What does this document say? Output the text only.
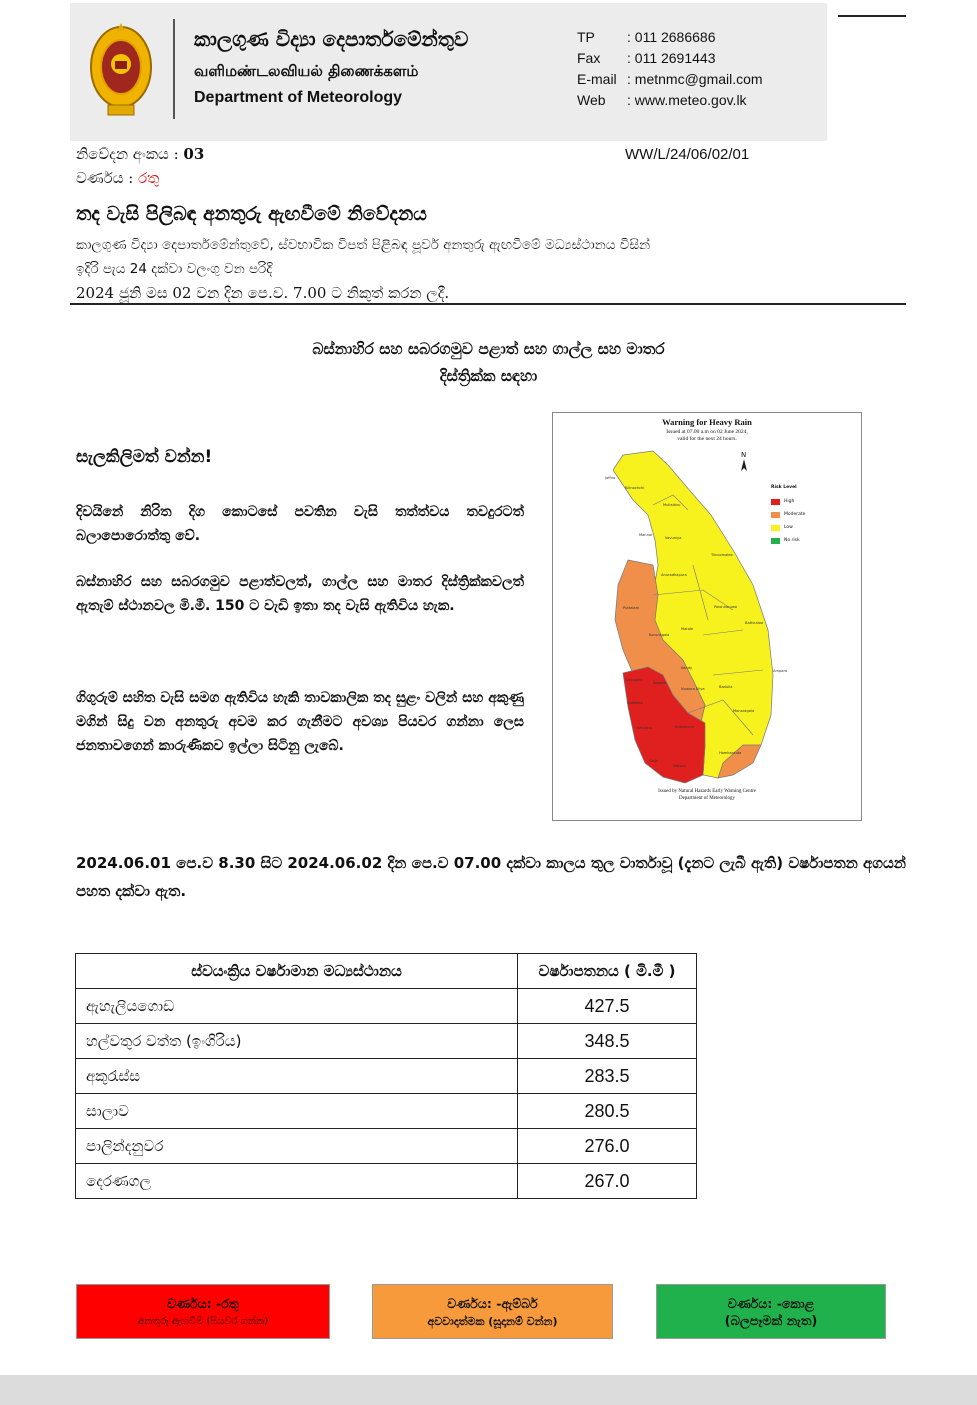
කාලගුණ විද්‍යා දෙපාර්තමේන්තුව
வளிமண்டலவியல் திணைக்களம்
Department of Meteorology
TP	: 011 2686686
Fax	: 011 2691443
E-mail : metnmc@gmail.com
Web	: www.meteo.gov.lk
නිවේදන අංකය : 03
වර්ණය : රතු
WW/L/24/06/02/01
තද වැසි පිලිබඳ අනතුරු ඇඟවීමේ නිවේදනය
කාලගුණ විද්‍යා දෙපාර්තමේන්තුවේ, ස්වභාවික විපත් පිළිබඳ පූර්ව අනතුරු ඇඟවීමේ මධ්‍යස්ථානය විසින්
ඉදිරි පැය 24 දක්වා වලංගු වන පරිදි
2024 ජූනි මස 02 වන දින පෙ.ව. 7.00 ට නිකුත් කරන ලදී.
බස්නාහිර සහ සබරගමුව පළාත් සහ ගාල්ල සහ මාතර
දිස්ත්‍රික්ක සඳහා
සැලකිලිමත් වන්න!
දිවයිනේ නිරිත දිග කොටසේ පවතින වැසි තත්ත්වය තවදුරටත් බලාපොරොත්තු වේ.
බස්නාහිර සහ සබරගමුව පළාත්වලත්, ගාල්ල සහ මාතර දිස්ත්‍රික්කවලත් ඇතැම් ස්ථානවල මි.මී. 150 ට වැඩි ඉතා තද වැසි ඇතිවිය හැක.
ගිගුරුම් සහිත වැසි සමග ඇතිවිය හැකි තාවකාලික තද සුළං වලින් සහ අකුණු මගින් සිදු වන අනතුරු අවම කර ගැනීමට අවශ්‍ය පියවර ගන්නා ලෙස ජනතාවගෙන් කාරුණිකව ඉල්ලා සිටිනු ලැබේ.
Warning for Heavy Rain
Issued at 07.00 a.m on 02 June 2024,
valid for the next 24 hours.
N
Risk Level
High
Moderate
Low
No risk
Jaffna
Kilinochchi
Mullaitivu
Mannar
Vavuniya
Trincomalee
Anuradhapura
Puttalam	Polonnaruwa
Batticaloa
Kurunegala
Matale
Ampara
Kandy
Kegalle
Gampaha
Colombo
Nuwara Eliya	Badulla
Kalutara	Ratnapura
Monaragala
Galle
Matara
Hambantota
Issued by Natural Hazards Early Warning Centre
Department of Meteorology
2024.06.01 පෙ.ව 8.30 සිට 2024.06.02 දින පෙ.ව 07.00 දක්වා කාලය තුල වාර්තාවූ (දැනට ලැබී ඇති) වර්ෂාපතන අගයන් පහත දක්වා ඇත.
ස්වයංක්‍රිය වර්ෂාමාන මධ්‍යස්ථානය	වර්ෂාපතනය ( මි.මී )
ඇහැලියගොඩ	427.5
හල්වතුර වත්ත (ඉංගිරිය)	348.5
අකුරැස්ස	283.5
සාලාව	280.5
පාලින්දනුවර	276.0
දෙරණගල	267.0
වර්ණය: -රතු
අනතුරු ඇඟවීම (පියවර ගන්න)
වර්ණය: -ඇම්බර්
අවවාදාත්මක (සූදානම් වන්න)
වර්ණය: -කොළ
(බලපෑමක් නැත)
